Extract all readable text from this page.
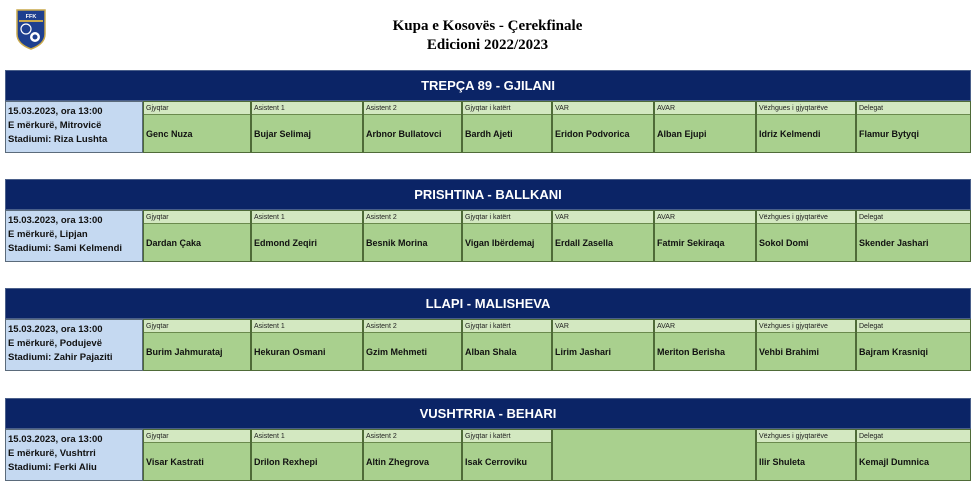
FFK
Kupa e Kosovës - Çerekfinale
Edicioni 2022/2023
TREPÇA 89 - GJILANI
15.03.2023, ora 13:00
E mërkurë, Mitrovicë
Stadiumi: Riza Lushta
Gjyqtar
Genc Nuza
Asistent 1
Bujar Selimaj
Asistent 2
Arbnor Bullatovci
Gjyqtar i katërt
Bardh Ajeti
VAR
Eridon Podvorica
AVAR
Alban Ejupi
Vëzhgues i gjyqtarëve
Idriz Kelmendi
Delegat
Flamur Bytyqi
PRISHTINA - BALLKANI
15.03.2023, ora 13:00
E mërkurë, Lipjan
Stadiumi: Sami Kelmendi
Gjyqtar
Dardan Çaka
Asistent 1
Edmond Zeqiri
Asistent 2
Besnik Morina
Gjyqtar i katërt
Vigan Ibërdemaj
VAR
Erdall Zasella
AVAR
Fatmir Sekiraqa
Vëzhgues i gjyqtarëve
Sokol Domi
Delegat
Skender Jashari
LLAPI - MALISHEVA
15.03.2023, ora 13:00
E mërkurë, Podujevë
Stadiumi: Zahir Pajaziti
Gjyqtar
Burim Jahmurataj
Asistent 1
Hekuran Osmani
Asistent 2
Gzim Mehmeti
Gjyqtar i katërt
Alban Shala
VAR
Lirim Jashari
AVAR
Meriton Berisha
Vëzhgues i gjyqtarëve
Vehbi Brahimi
Delegat
Bajram Krasniqi
VUSHTRRIA - BEHARI
15.03.2023, ora 13:00
E mërkurë, Vushtrri
Stadiumi: Ferki Aliu
Gjyqtar
Visar Kastrati
Asistent 1
Drilon Rexhepi
Asistent 2
Altin Zhegrova
Gjyqtar i katërt
Isak Cerroviku
Vëzhgues i gjyqtarëve
Ilir Shuleta
Delegat
Kemajl Dumnica
